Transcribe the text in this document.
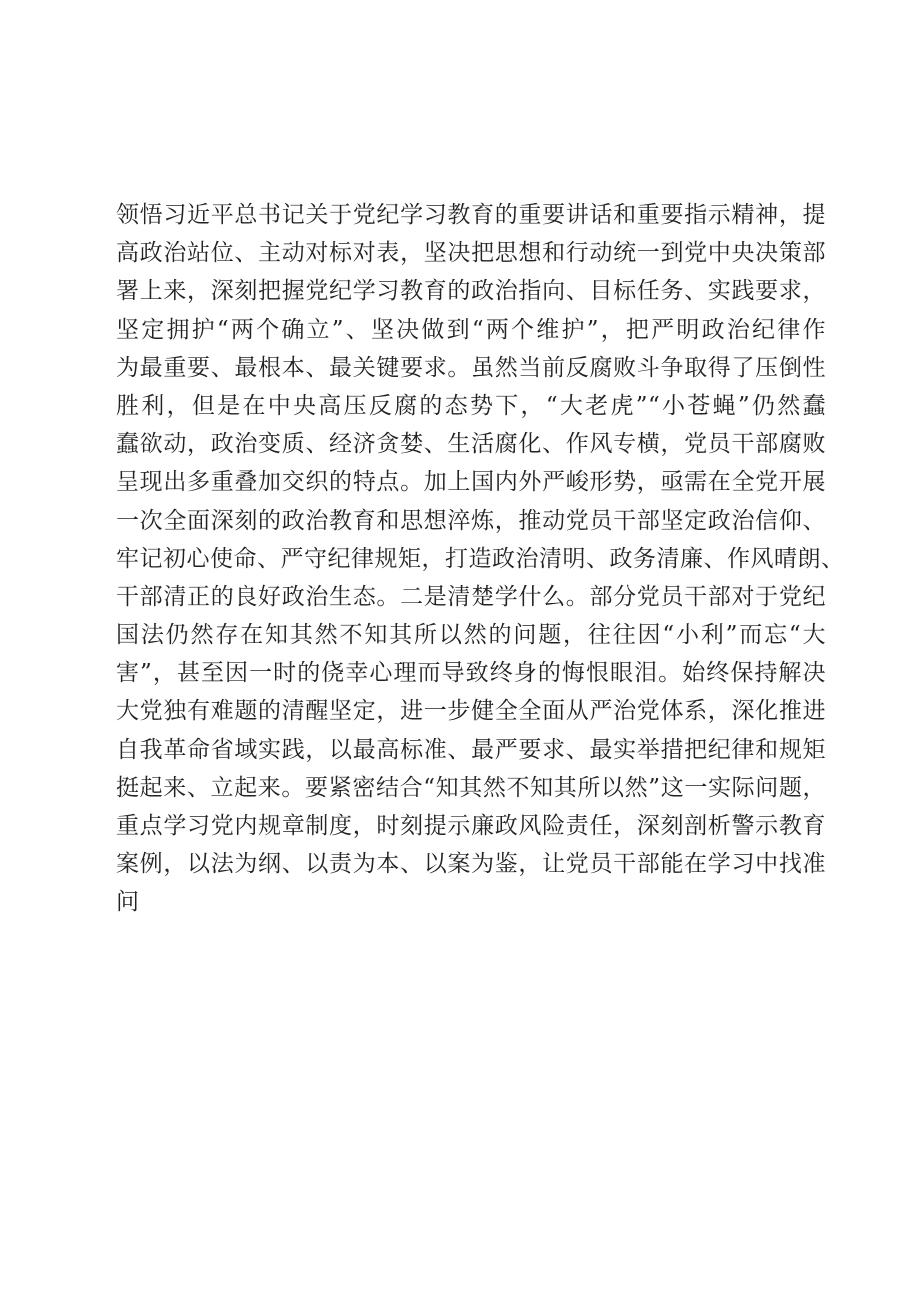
领悟习近平总书记关于党纪学习教育的重要讲话和重要指示精神，提
高政治站位、主动对标对表，坚决把思想和行动统一到党中央决策部
署上来，深刻把握党纪学习教育的政治指向、目标任务、实践要求，
坚定拥护“两个确立”、坚决做到“两个维护”，把严明政治纪律作
为最重要、最根本、最关键要求。虽然当前反腐败斗争取得了压倒性
胜利，但是在中央高压反腐的态势下，“大老虎”“小苍蝇”仍然蠢
蠢欲动，政治变质、经济贪婪、生活腐化、作风专横，党员干部腐败
呈现出多重叠加交织的特点。加上国内外严峻形势，亟需在全党开展
一次全面深刻的政治教育和思想淬炼，推动党员干部坚定政治信仰、
牢记初心使命、严守纪律规矩，打造政治清明、政务清廉、作风晴朗、
干部清正的良好政治生态。二是清楚学什么。部分党员干部对于党纪
国法仍然存在知其然不知其所以然的问题，往往因“小利”而忘“大
害”，甚至因一时的侥幸心理而导致终身的悔恨眼泪。始终保持解决
大党独有难题的清醒坚定，进一步健全全面从严治党体系，深化推进
自我革命省域实践，以最高标准、最严要求、最实举措把纪律和规矩
挺起来、立起来。要紧密结合“知其然不知其所以然”这一实际问题，
重点学习党内规章制度，时刻提示廉政风险责任，深刻剖析警示教育
案例，以法为纲、以责为本、以案为鉴，让党员干部能在学习中找准
问
